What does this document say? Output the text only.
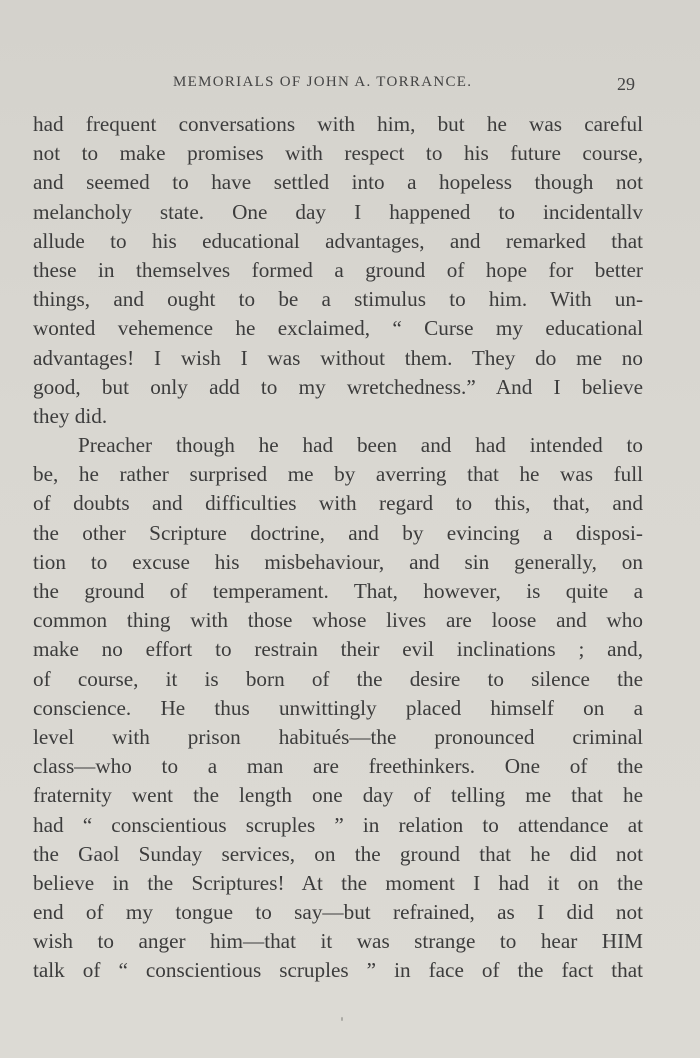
MEMORIALS OF JOHN A. TORRANCE.	29
had frequent conversations with him, but he was careful
not to make promises with respect to his future course,
and seemed to have settled into a hopeless though not
melancholy state. One day I happened to incidentallv
allude to his educational advantages, and remarked that
these in themselves formed a ground of hope for better
things, and ought to be a stimulus to him. With un-
wonted vehemence he exclaimed, “ Curse my educational
advantages! I wish I was without them. They do me no
good, but only add to my wretchedness.” And I believe
they did.
Preacher though he had been and had intended to
be, he rather surprised me by averring that he was full
of doubts and difficulties with regard to this, that, and
the other Scripture doctrine, and by evincing a disposi-
tion to excuse his misbehaviour, and sin generally, on
the ground of temperament. That, however, is quite a
common thing with those whose lives are loose and who
make no effort to restrain their evil inclinations ; and,
of course, it is born of the desire to silence the
conscience. He thus unwittingly placed himself on a
level with prison habitués—the pronounced criminal
class—who to a man are freethinkers. One of the
fraternity went the length one day of telling me that he
had “ conscientious scruples ” in relation to attendance at
the Gaol Sunday services, on the ground that he did not
believe in the Scriptures! At the moment I had it on the
end of my tongue to say—but refrained, as I did not
wish to anger him—that it was strange to hear HIM
talk of “ conscientious scruples ” in face of the fact that
